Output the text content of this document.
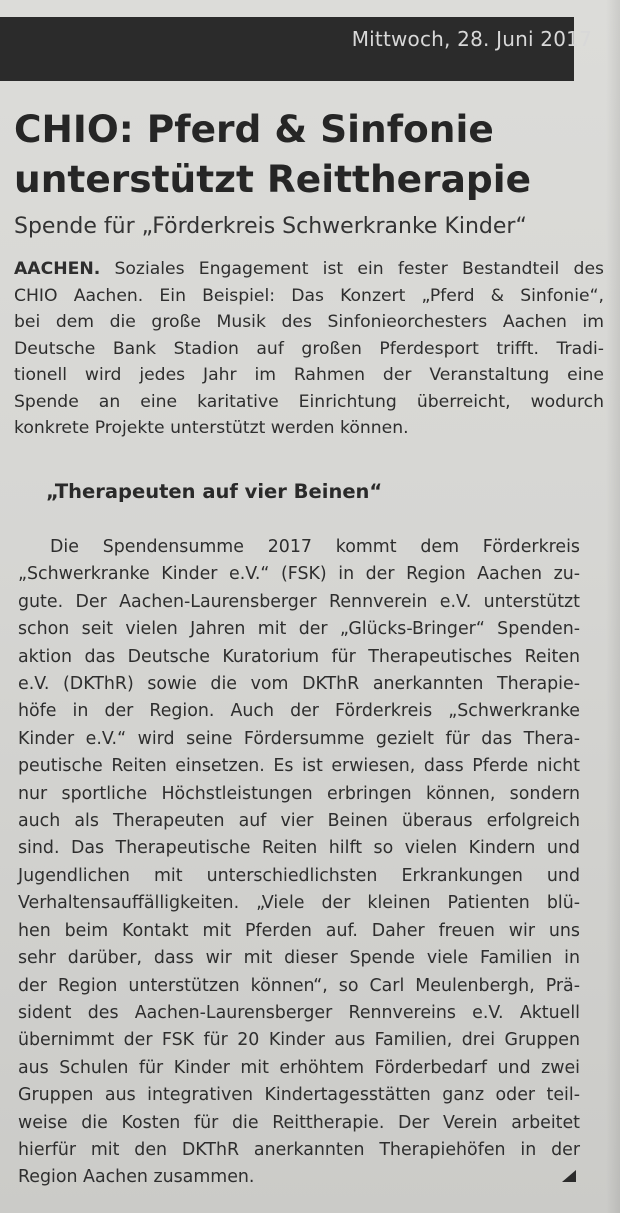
Mittwoch, 28. Juni 2017
CHIO: Pferd & Sinfonie
unterstützt Reittherapie
Spende für „Förderkreis Schwerkranke Kinder“
AACHEN. Soziales Engagement ist ein fester Bestandteil des
CHIO Aachen. Ein Beispiel: Das Konzert „Pferd & Sinfonie“,
bei dem die große Musik des Sinfonieorchesters Aachen im
Deutsche Bank Stadion auf großen Pferdesport trifft. Tradi-
tionell wird jedes Jahr im Rahmen der Veranstaltung eine
Spende an eine karitative Einrichtung überreicht, wodurch
konkrete Projekte unterstützt werden können.
„Therapeuten auf vier Beinen“
Die Spendensumme 2017 kommt dem Förderkreis
„Schwerkranke Kinder e.V.“ (FSK) in der Region Aachen zu-
gute. Der Aachen-Laurensberger Rennverein e.V. unterstützt
schon seit vielen Jahren mit der „Glücks-Bringer“ Spenden-
aktion das Deutsche Kuratorium für Therapeutisches Reiten
e.V. (DKThR) sowie die vom DKThR anerkannten Therapie-
höfe in der Region. Auch der Förderkreis „Schwerkranke
Kinder e.V.“ wird seine Fördersumme gezielt für das Thera-
peutische Reiten einsetzen. Es ist erwiesen, dass Pferde nicht
nur sportliche Höchstleistungen erbringen können, sondern
auch als Therapeuten auf vier Beinen überaus erfolgreich
sind. Das Therapeutische Reiten hilft so vielen Kindern und
Jugendlichen mit unterschiedlichsten Erkrankungen und
Verhaltensauffälligkeiten. „Viele der kleinen Patienten blü-
hen beim Kontakt mit Pferden auf. Daher freuen wir uns
sehr darüber, dass wir mit dieser Spende viele Familien in
der Region unterstützen können“, so Carl Meulenbergh, Prä-
sident des Aachen-Laurensberger Rennvereins e.V. Aktuell
übernimmt der FSK für 20 Kinder aus Familien, drei Gruppen
aus Schulen für Kinder mit erhöhtem Förderbedarf und zwei
Gruppen aus integrativen Kindertagesstätten ganz oder teil-
weise die Kosten für die Reittherapie. Der Verein arbeitet
hierfür mit den DKThR anerkannten Therapiehöfen in der
Region Aachen zusammen.
